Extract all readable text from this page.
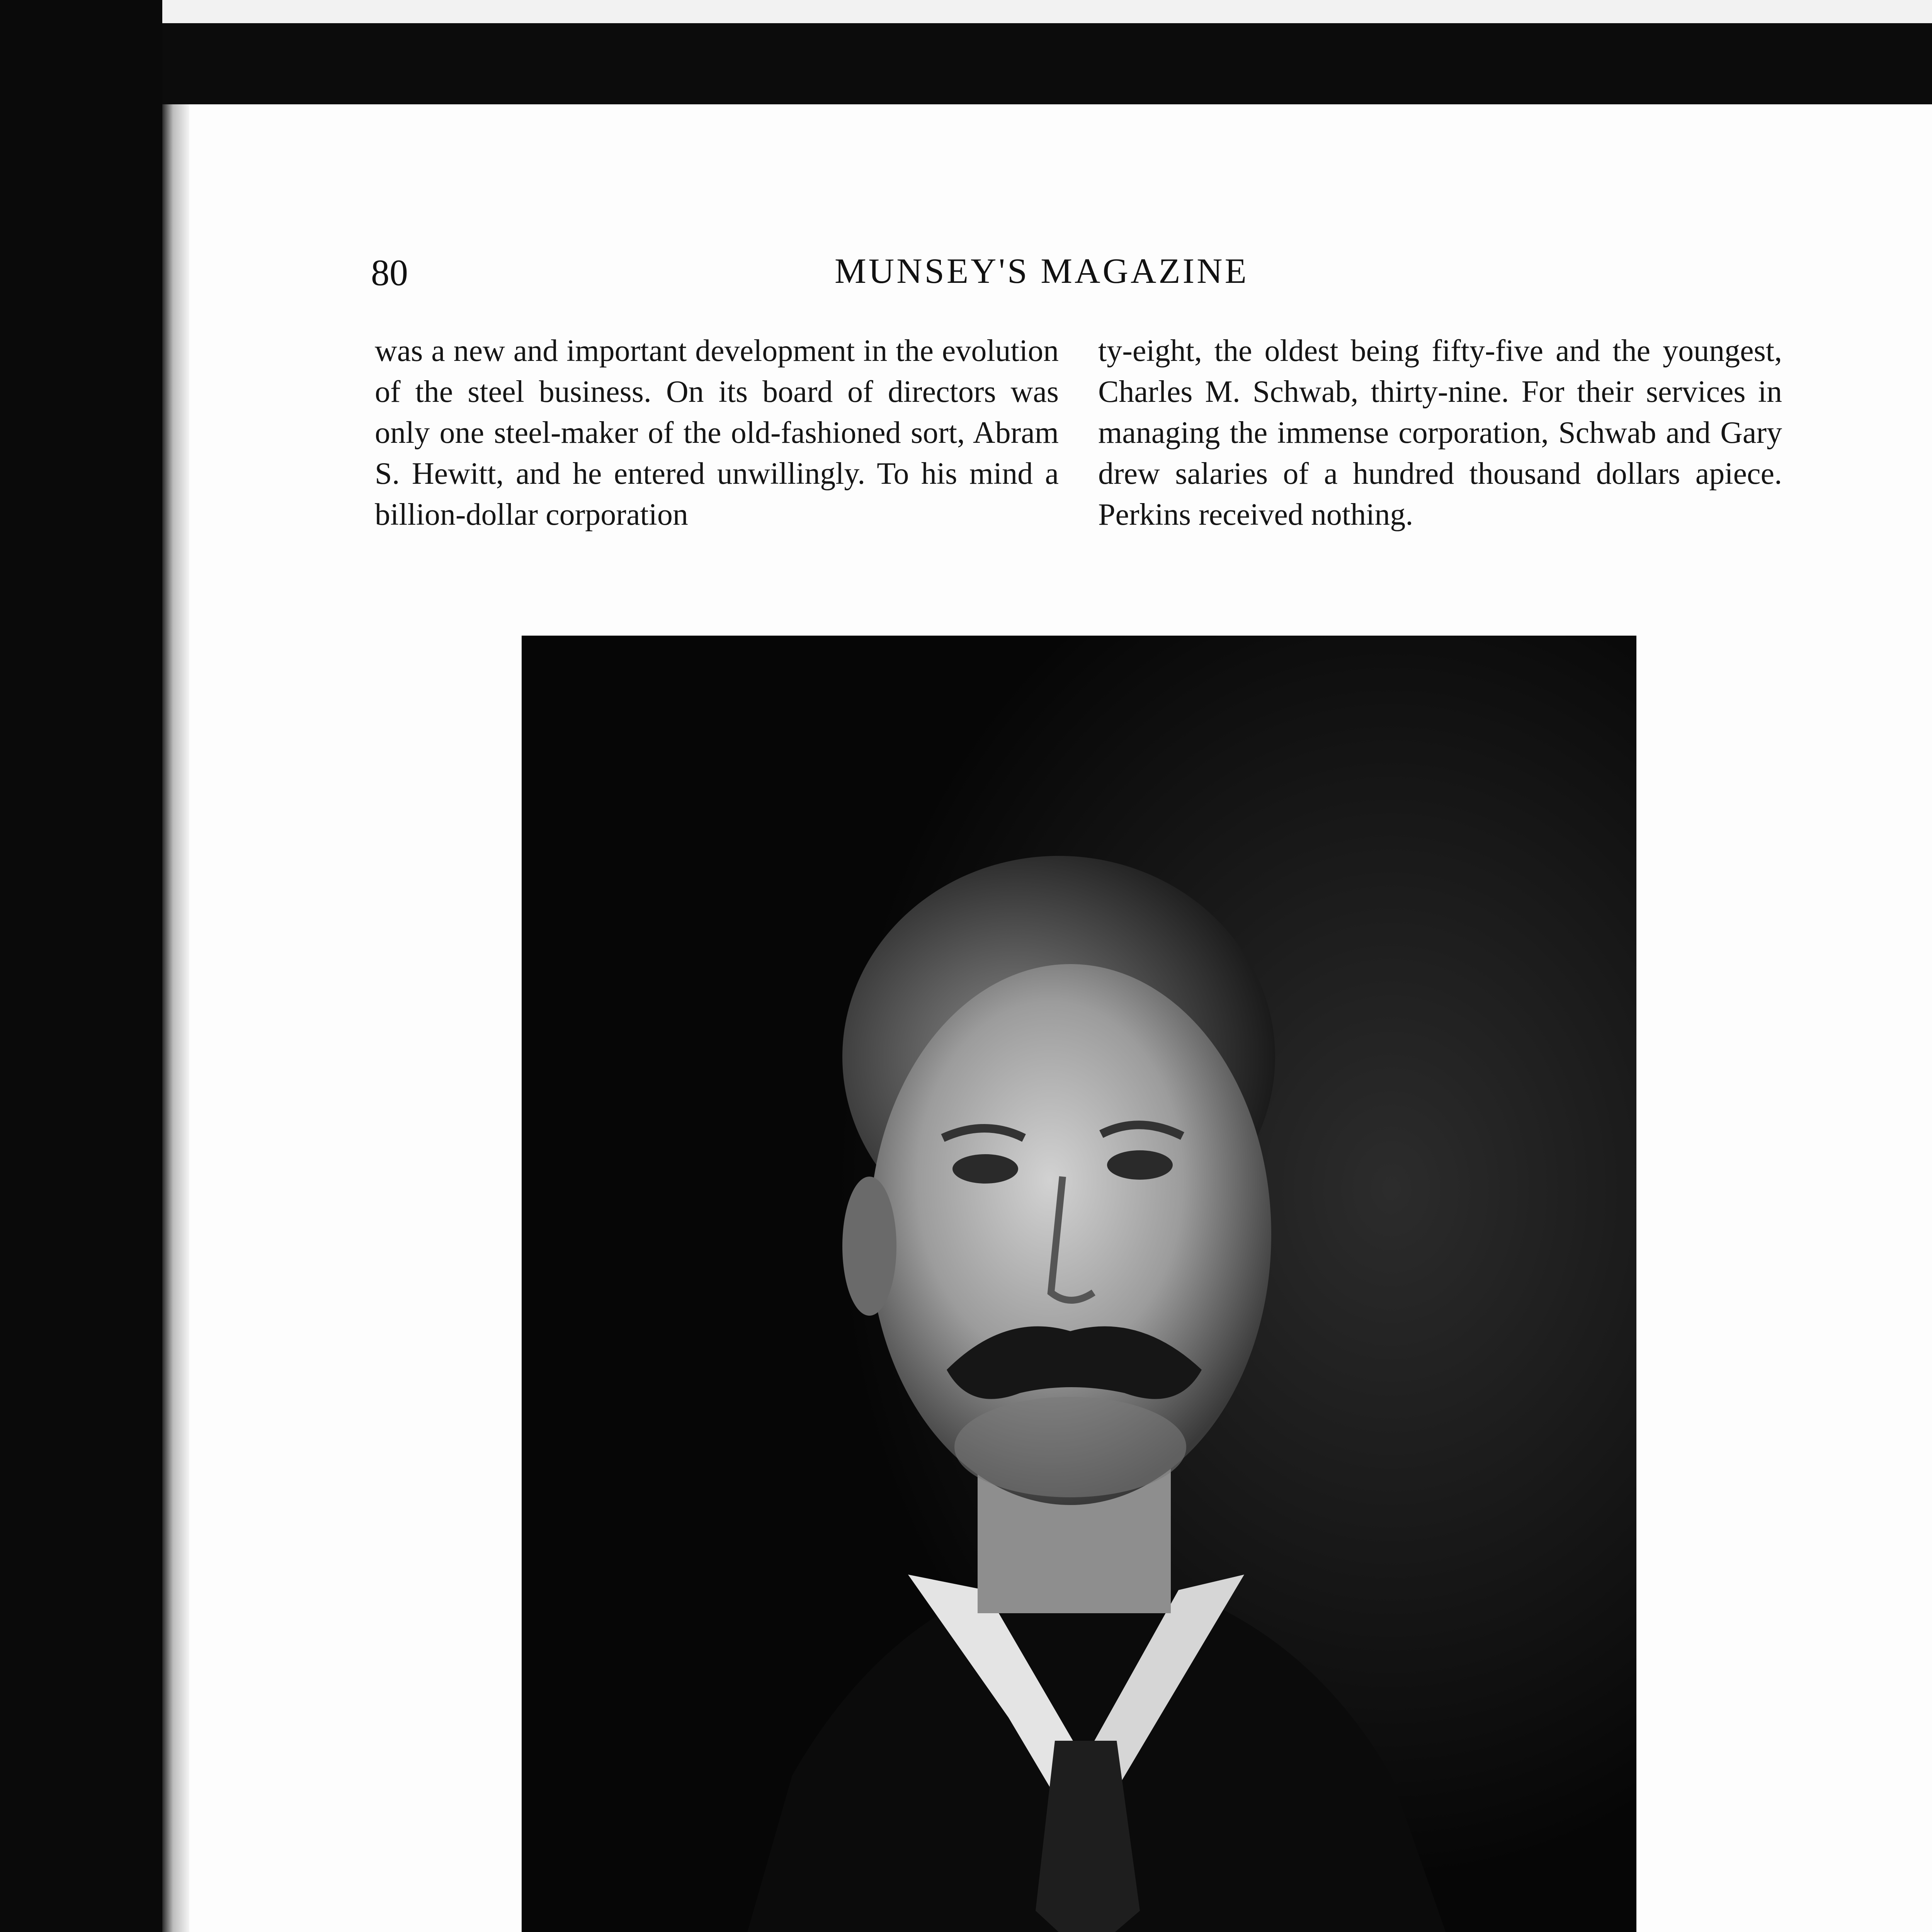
80	MUNSEY'S MAGAZINE

was a new and important development in the evolution of the steel business. On its board of directors was only one steel-maker of the old-fashioned sort, Abram S. Hewitt, and he entered unwillingly. To his mind a billion-dollar corporation

ty-eight, the oldest being fifty-five and the youngest, Charles M. Schwab, thirty-nine. For their services in managing the immense corporation, Schwab and Gary drew salaries of a hundred thousand dollars apiece. Perkins received nothing.
